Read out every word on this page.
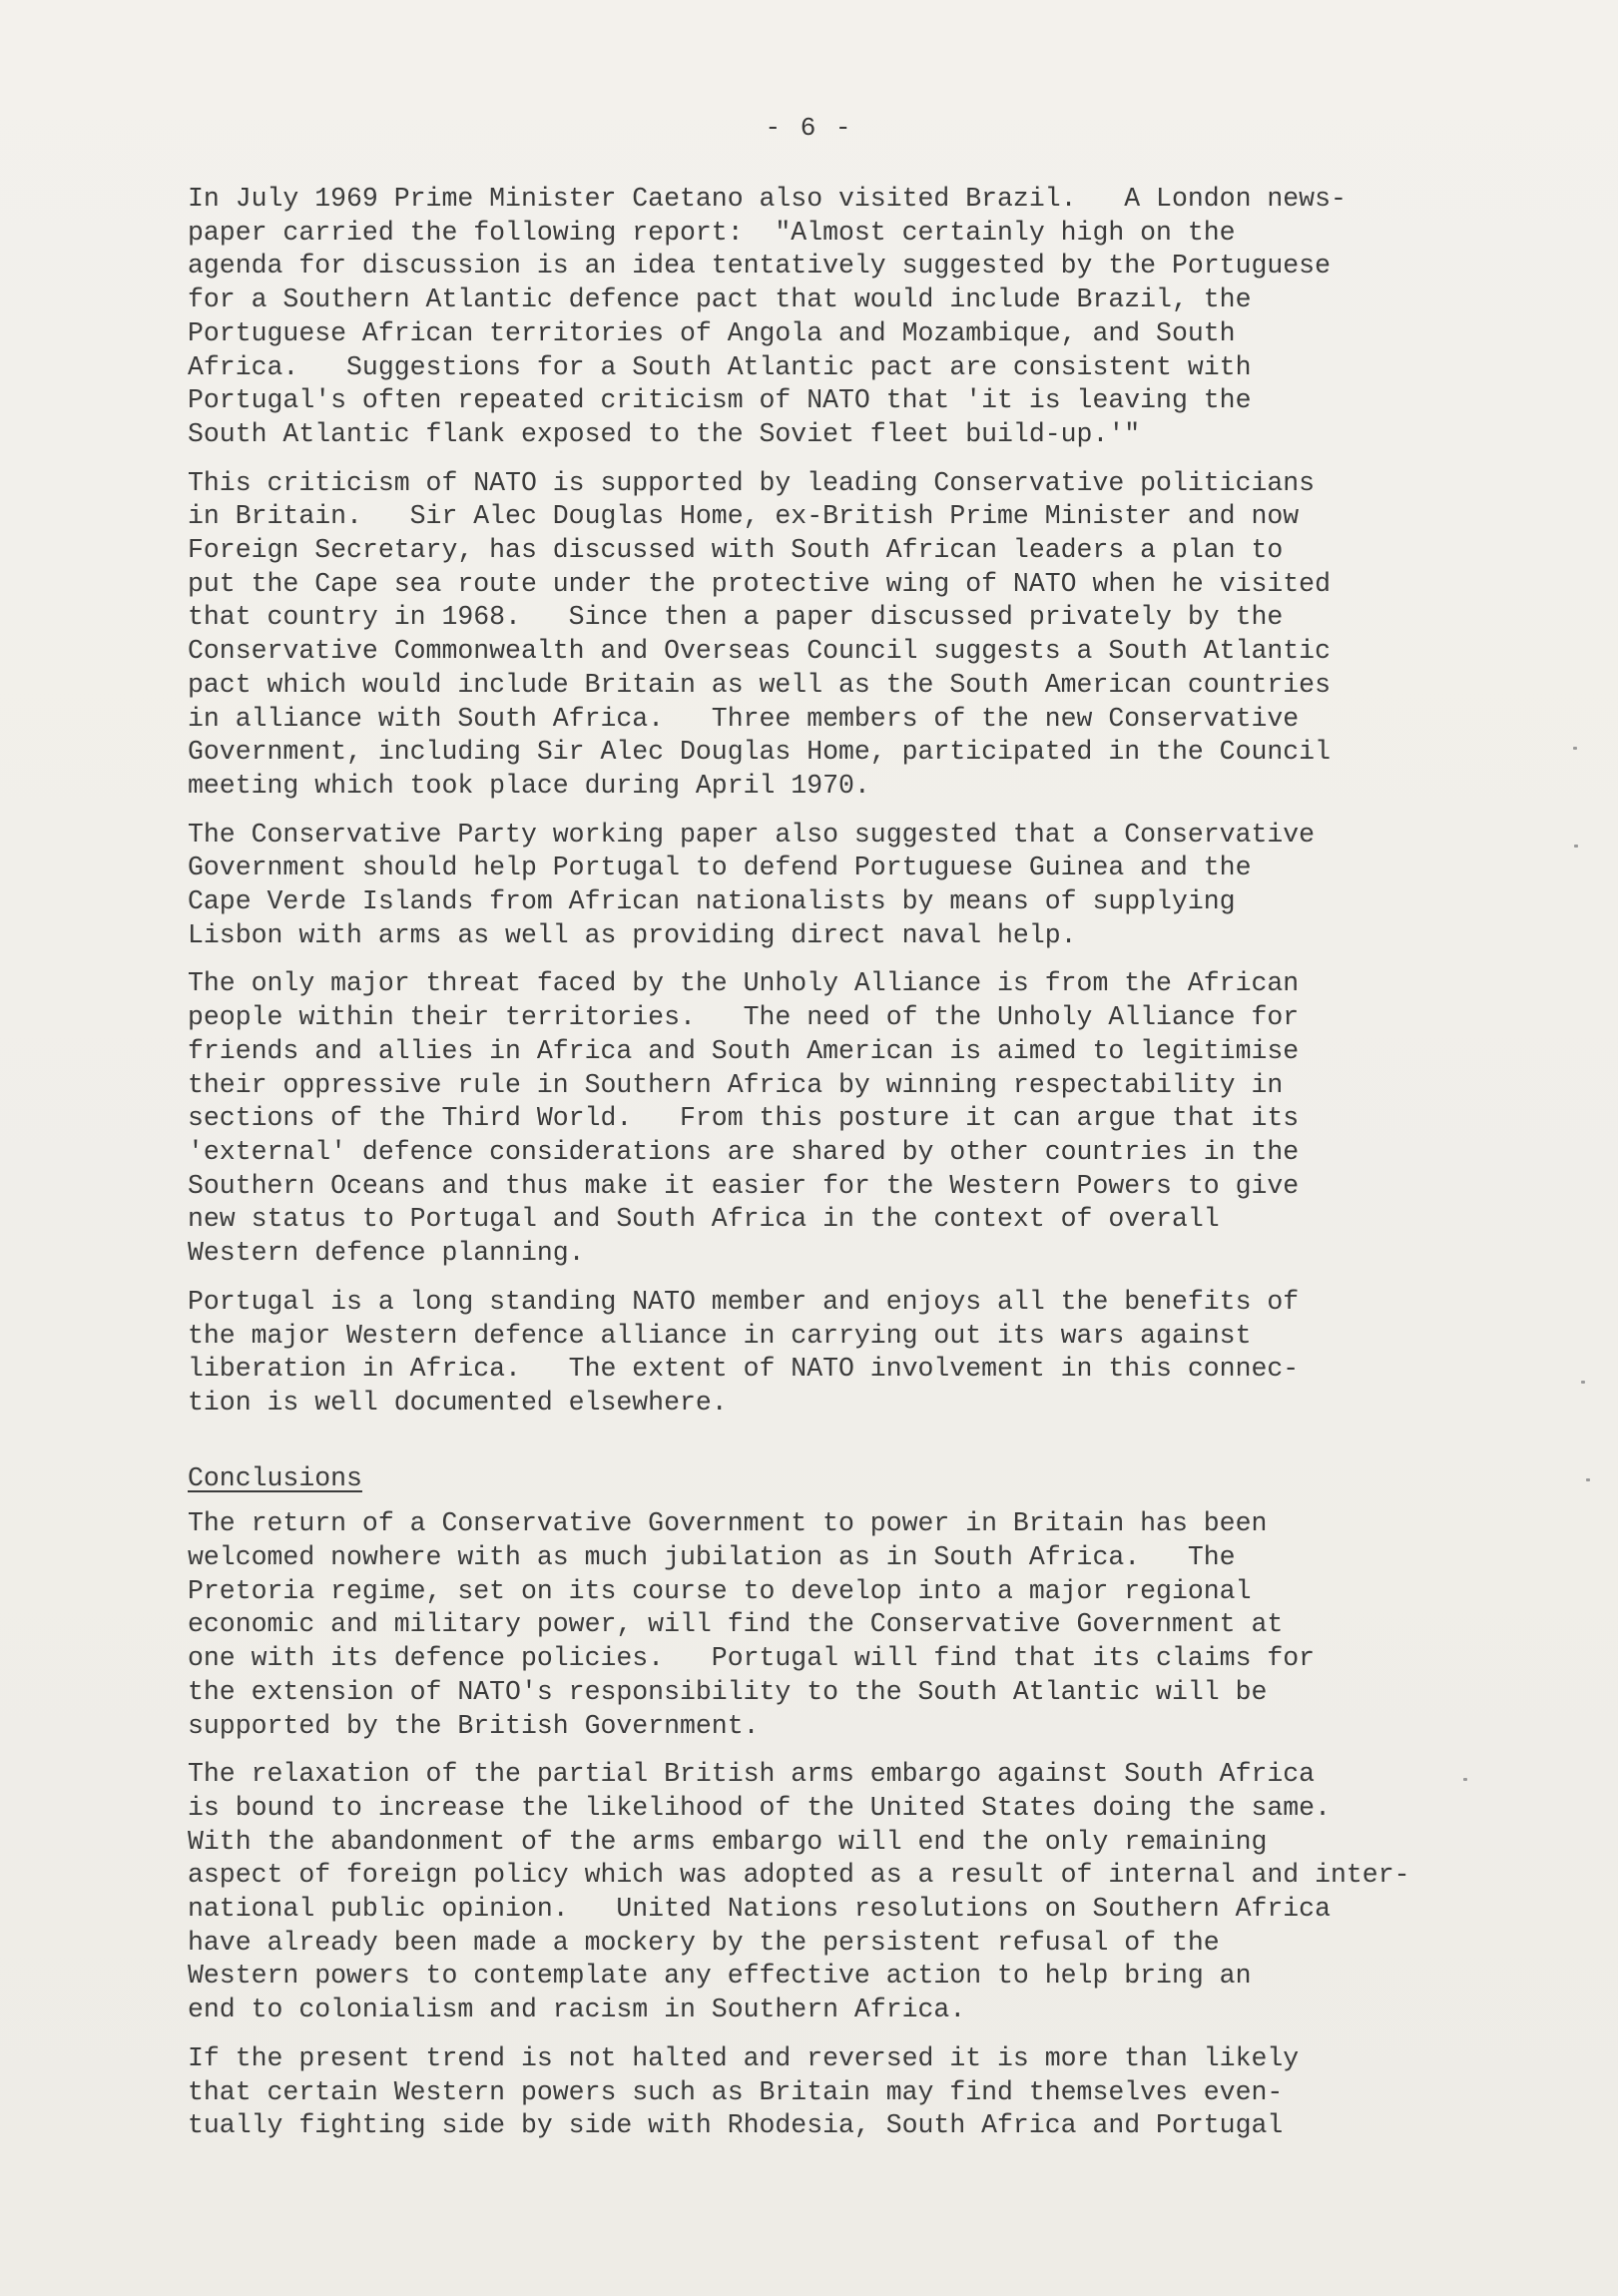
- 6 -
In July 1969 Prime Minister Caetano also visited Brazil.   A London news-
paper carried the following report:  "Almost certainly high on the
agenda for discussion is an idea tentatively suggested by the Portuguese
for a Southern Atlantic defence pact that would include Brazil, the
Portuguese African territories of Angola and Mozambique, and South
Africa.   Suggestions for a South Atlantic pact are consistent with
Portugal's often repeated criticism of NATO that 'it is leaving the
South Atlantic flank exposed to the Soviet fleet build-up.'"
This criticism of NATO is supported by leading Conservative politicians
in Britain.   Sir Alec Douglas Home, ex-British Prime Minister and now
Foreign Secretary, has discussed with South African leaders a plan to
put the Cape sea route under the protective wing of NATO when he visited
that country in 1968.   Since then a paper discussed privately by the
Conservative Commonwealth and Overseas Council suggests a South Atlantic
pact which would include Britain as well as the South American countries
in alliance with South Africa.   Three members of the new Conservative
Government, including Sir Alec Douglas Home, participated in the Council
meeting which took place during April 1970.
The Conservative Party working paper also suggested that a Conservative
Government should help Portugal to defend Portuguese Guinea and the
Cape Verde Islands from African nationalists by means of supplying
Lisbon with arms as well as providing direct naval help.
The only major threat faced by the Unholy Alliance is from the African
people within their territories.   The need of the Unholy Alliance for
friends and allies in Africa and South American is aimed to legitimise
their oppressive rule in Southern Africa by winning respectability in
sections of the Third World.   From this posture it can argue that its
'external' defence considerations are shared by other countries in the
Southern Oceans and thus make it easier for the Western Powers to give
new status to Portugal and South Africa in the context of overall
Western defence planning.
Portugal is a long standing NATO member and enjoys all the benefits of
the major Western defence alliance in carrying out its wars against
liberation in Africa.   The extent of NATO involvement in this connec-
tion is well documented elsewhere.
Conclusions
The return of a Conservative Government to power in Britain has been
welcomed nowhere with as much jubilation as in South Africa.   The
Pretoria regime, set on its course to develop into a major regional
economic and military power, will find the Conservative Government at
one with its defence policies.   Portugal will find that its claims for
the extension of NATO's responsibility to the South Atlantic will be
supported by the British Government.
The relaxation of the partial British arms embargo against South Africa
is bound to increase the likelihood of the United States doing the same.
With the abandonment of the arms embargo will end the only remaining
aspect of foreign policy which was adopted as a result of internal and inter-
national public opinion.   United Nations resolutions on Southern Africa
have already been made a mockery by the persistent refusal of the
Western powers to contemplate any effective action to help bring an
end to colonialism and racism in Southern Africa.
If the present trend is not halted and reversed it is more than likely
that certain Western powers such as Britain may find themselves even-
tually fighting side by side with Rhodesia, South Africa and Portugal
